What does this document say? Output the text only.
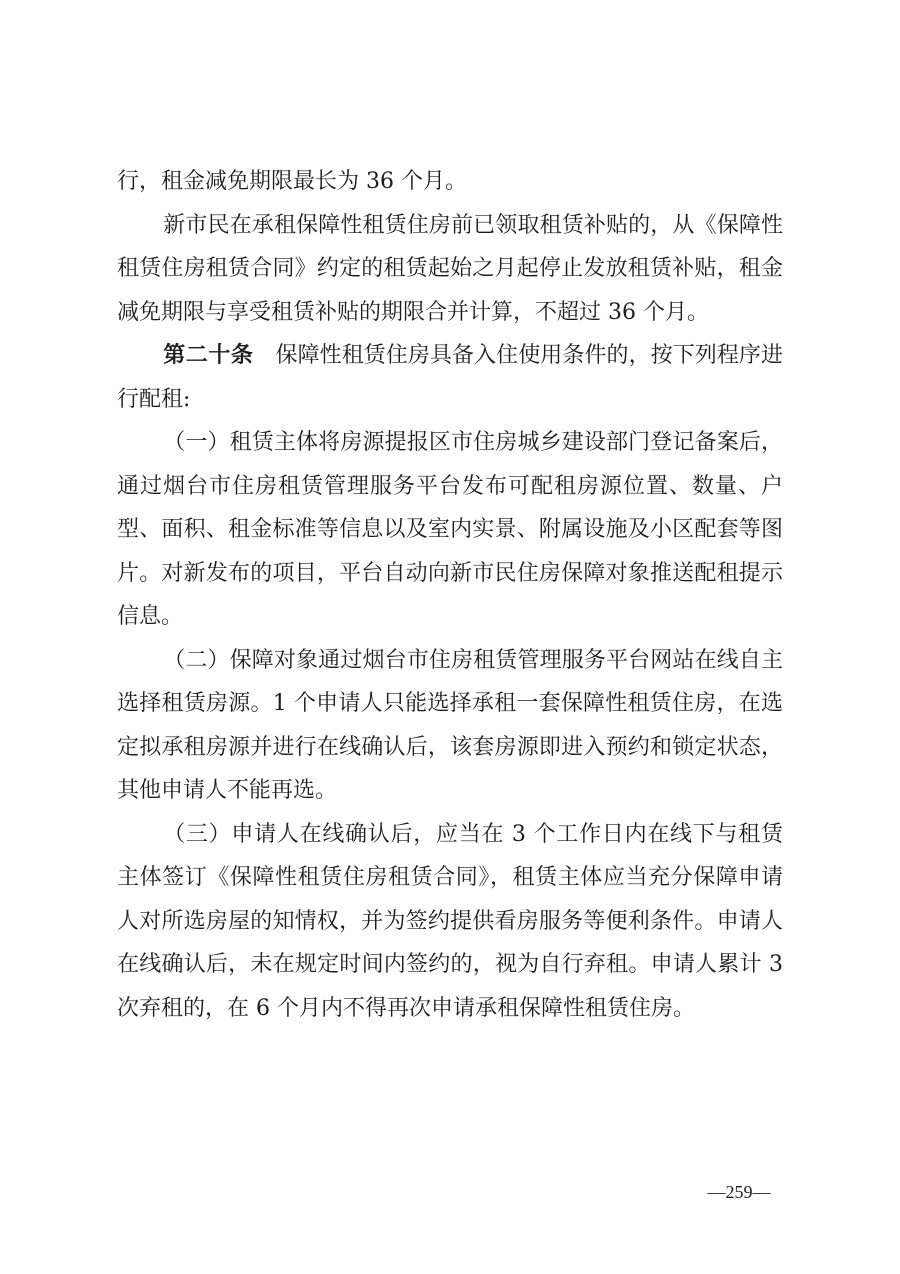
行，租金减免期限最长为 36 个月。

新市民在承租保障性租赁住房前已领取租赁补贴的，从《保障性租赁住房租赁合同》约定的租赁起始之月起停止发放租赁补贴，租金减免期限与享受租赁补贴的期限合并计算，不超过 36 个月。

第二十条　保障性租赁住房具备入住使用条件的，按下列程序进行配租:

（一）租赁主体将房源提报区市住房城乡建设部门登记备案后，通过烟台市住房租赁管理服务平台发布可配租房源位置、数量、户型、面积、租金标准等信息以及室内实景、附属设施及小区配套等图片。对新发布的项目，平台自动向新市民住房保障对象推送配租提示信息。

（二）保障对象通过烟台市住房租赁管理服务平台网站在线自主选择租赁房源。1 个申请人只能选择承租一套保障性租赁住房，在选定拟承租房源并进行在线确认后，该套房源即进入预约和锁定状态，其他申请人不能再选。

（三）申请人在线确认后，应当在 3 个工作日内在线下与租赁主体签订《保障性租赁住房租赁合同》，租赁主体应当充分保障申请人对所选房屋的知情权，并为签约提供看房服务等便利条件。申请人在线确认后，未在规定时间内签约的，视为自行弃租。申请人累计 3 次弃租的，在 6 个月内不得再次申请承租保障性租赁住房。

—259—
